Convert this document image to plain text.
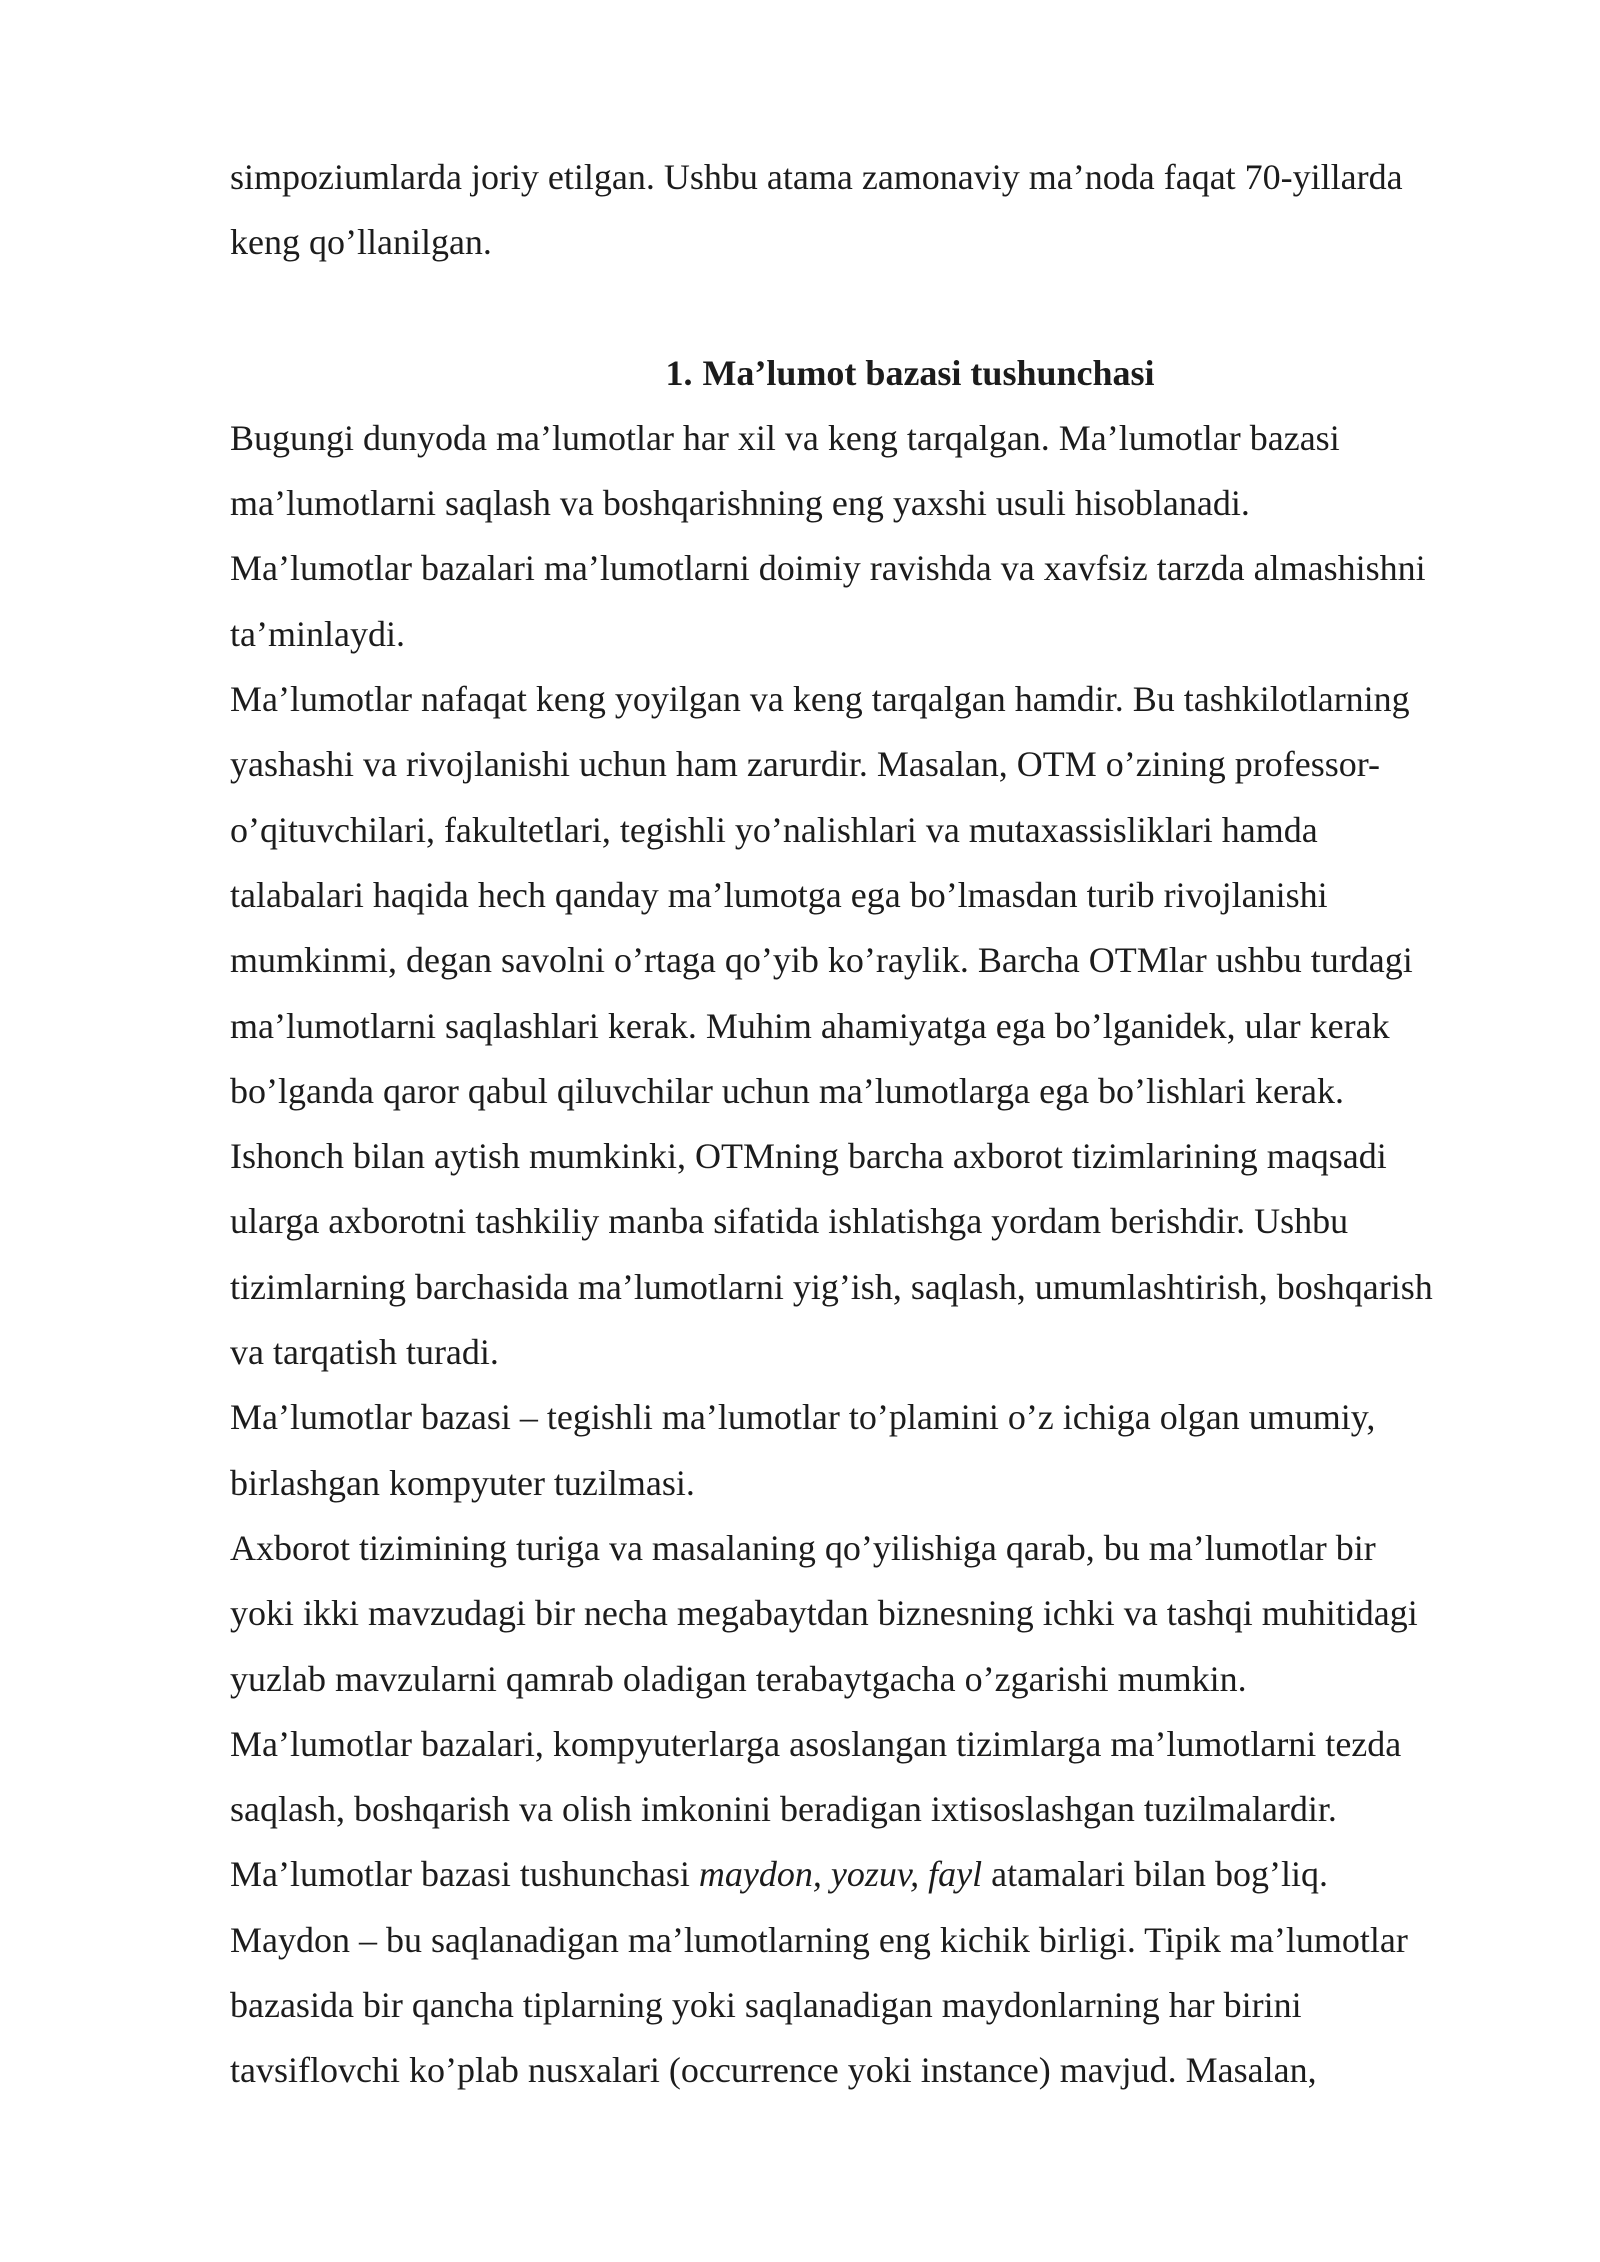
simpoziumlarda joriy etilgan. Ushbu atama zamonaviy ma’noda faqat 70-yillarda
keng qo’llanilgan.

1. Ma’lumot bazasi tushunchasi

Bugungi dunyoda ma’lumotlar har xil va keng tarqalgan. Ma’lumotlar bazasi
ma’lumotlarni saqlash va boshqarishning eng yaxshi usuli hisoblanadi.

Ma’lumotlar bazalari ma’lumotlarni doimiy ravishda va xavfsiz tarzda almashishni
ta’minlaydi.

Ma’lumotlar nafaqat keng yoyilgan va keng tarqalgan hamdir. Bu tashkilotlarning
yashashi va rivojlanishi uchun ham zarurdir. Masalan, OTM o’zining professor-
o’qituvchilari, fakultetlari, tegishli yo’nalishlari va mutaxassisliklari hamda
talabalari haqida hech qanday ma’lumotga ega bo’lmasdan turib rivojlanishi
mumkinmi, degan savolni o’rtaga qo’yib ko’raylik. Barcha OTMlar ushbu turdagi
ma’lumotlarni saqlashlari kerak. Muhim ahamiyatga ega bo’lganidek, ular kerak
bo’lganda qaror qabul qiluvchilar uchun ma’lumotlarga ega bo’lishlari kerak.
Ishonch bilan aytish mumkinki, OTMning barcha axborot tizimlarining maqsadi
ularga axborotni tashkiliy manba sifatida ishlatishga yordam berishdir. Ushbu
tizimlarning barchasida ma’lumotlarni yig’ish, saqlash, umumlashtirish, boshqarish
va tarqatish turadi.

Ma’lumotlar bazasi – tegishli ma’lumotlar to’plamini o’z ichiga olgan umumiy,
birlashgan kompyuter tuzilmasi.

Axborot tizimining turiga va masalaning qo’yilishiga qarab, bu ma’lumotlar bir
yoki ikki mavzudagi bir necha megabaytdan biznesning ichki va tashqi muhitidagi
yuzlab mavzularni qamrab oladigan terabaytgacha o’zgarishi mumkin.

Ma’lumotlar bazalari, kompyuterlarga asoslangan tizimlarga ma’lumotlarni tezda
saqlash, boshqarish va olish imkonini beradigan ixtisoslashgan tuzilmalardir.

Ma’lumotlar bazasi tushunchasi maydon, yozuv, fayl atamalari bilan bog’liq.

Maydon – bu saqlanadigan ma’lumotlarning eng kichik birligi. Tipik ma’lumotlar
bazasida bir qancha tiplarning yoki saqlanadigan maydonlarning har birini
tavsiflovchi ko’plab nusxalari (occurrence yoki instance) mavjud. Masalan,
